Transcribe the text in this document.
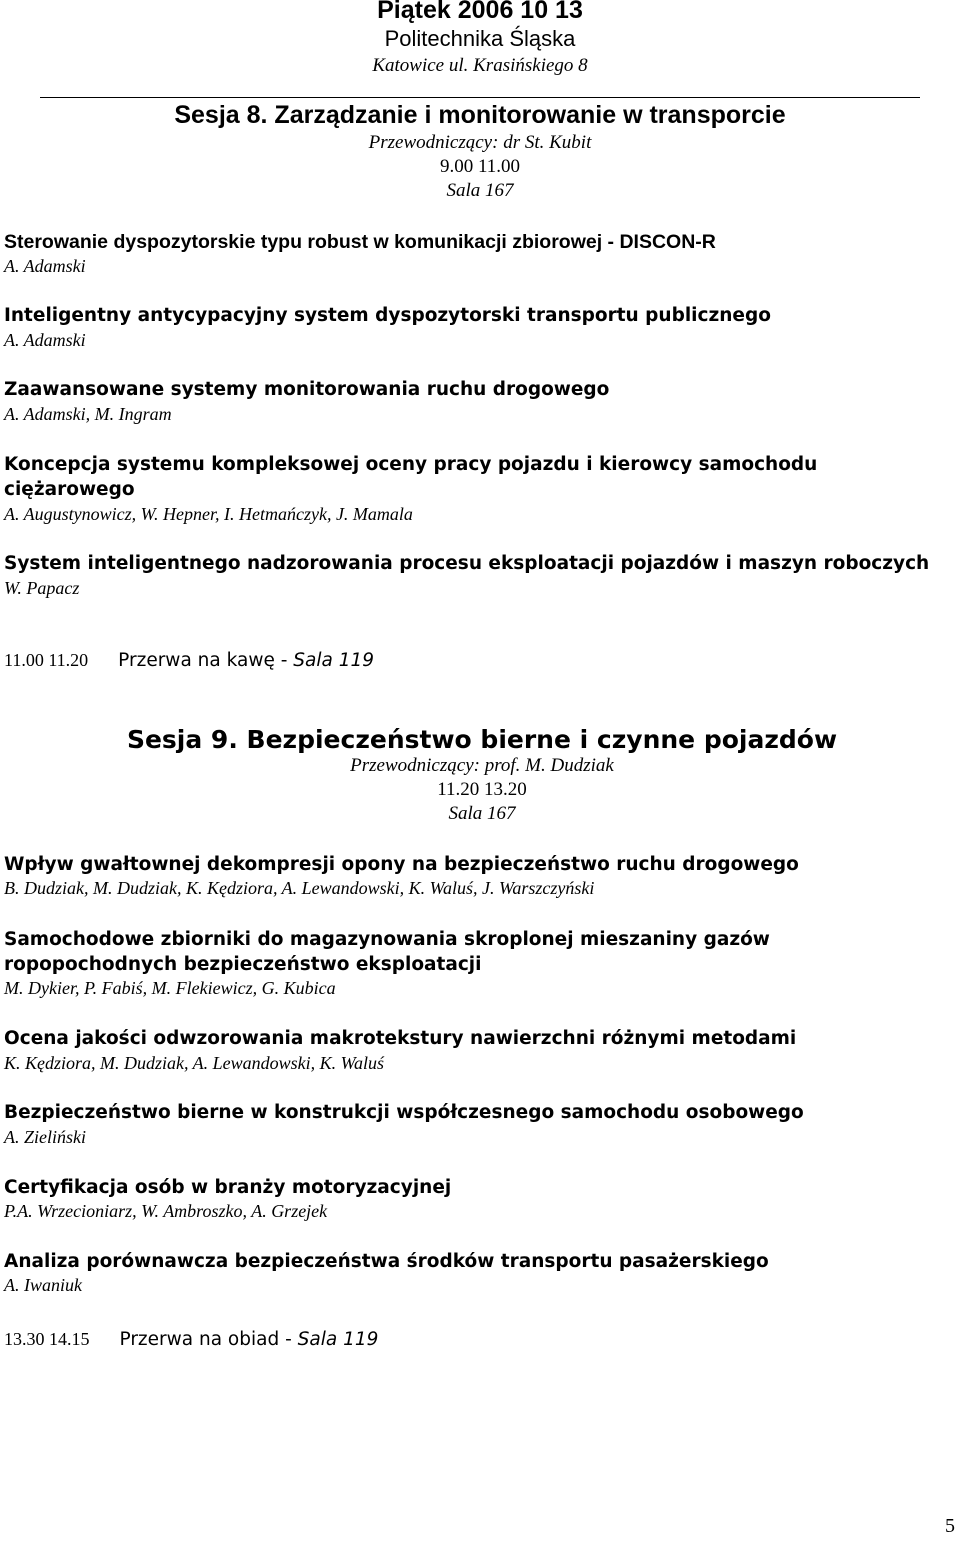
Piątek 2006 10 13

Politechnika Śląska

Katowice ul. Krasińskiego 8

Sesja 8. Zarządzanie i monitorowanie w transporcie

Przewodniczący: dr St. Kubit

9.00 11.00

Sala 167

Sterowanie dyspozytorskie typu robust w komunikacji zbiorowej - DISCON-R

A. Adamski

Inteligentny antycypacyjny system dyspozytorski transportu publicznego

A. Adamski

Zaawansowane systemy monitorowania ruchu drogowego

A. Adamski, M. Ingram

Koncepcja systemu kompleksowej oceny pracy pojazdu i kierowcy samochodu

ciężarowego

A. Augustynowicz, W. Hepner, I. Hetmańczyk, J. Mamala

System inteligentnego nadzorowania procesu eksploatacji pojazdów i maszyn roboczych

W. Papacz

11.00 11.20 Przerwa na kawę - Sala 119

Sesja 9. Bezpieczeństwo bierne i czynne pojazdów

Przewodniczący: prof. M. Dudziak

11.20 13.20

Sala 167

Wpływ gwałtownej dekompresji opony na bezpieczeństwo ruchu drogowego

B. Dudziak, M. Dudziak, K. Kędziora, A. Lewandowski, K. Waluś, J. Warszczyński

Samochodowe zbiorniki do magazynowania skroplonej mieszaniny gazów

ropopochodnych bezpieczeństwo eksploatacji

M. Dykier, P. Fabiś, M. Flekiewicz, G. Kubica

Ocena jakości odwzorowania makrotekstury nawierzchni różnymi metodami

K. Kędziora, M. Dudziak, A. Lewandowski, K. Waluś

Bezpieczeństwo bierne w konstrukcji współczesnego samochodu osobowego

A. Zieliński

Certyfikacja osób w branży motoryzacyjnej

P.A. Wrzecioniarz, W. Ambroszko, A. Grzejek

Analiza porównawcza bezpieczeństwa środków transportu pasażerskiego

A. Iwaniuk

13.30 14.15 Przerwa na obiad - Sala 119

5
